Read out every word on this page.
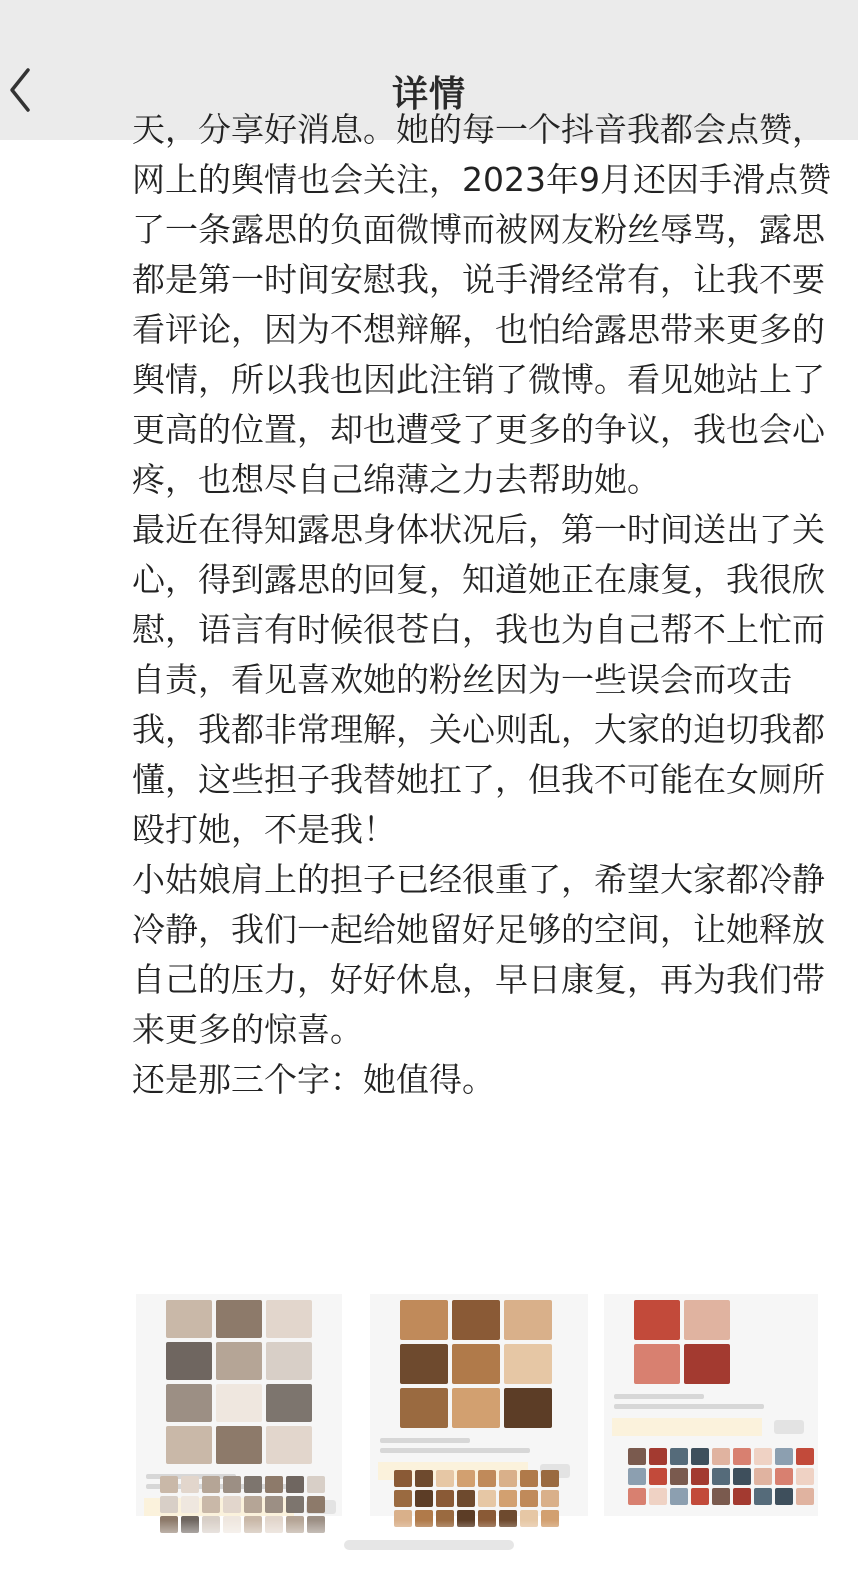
详情

天，分享好消息。她的每一个抖音我都会点赞，网上的舆情也会关注，2023年9月还因手滑点赞了一条露思的负面微博而被网友粉丝辱骂，露思都是第一时间安慰我，说手滑经常有，让我不要看评论，因为不想辩解，也怕给露思带来更多的舆情，所以我也因此注销了微博。看见她站上了更高的位置，却也遭受了更多的争议，我也会心疼，也想尽自己绵薄之力去帮助她。

最近在得知露思身体状况后，第一时间送出了关心，得到露思的回复，知道她正在康复，我很欣慰，语言有时候很苍白，我也为自己帮不上忙而自责，看见喜欢她的粉丝因为一些误会而攻击我，我都非常理解，关心则乱，大家的迫切我都懂，这些担子我替她扛了，但我不可能在女厕所殴打她，不是我！

小姑娘肩上的担子已经很重了，希望大家都冷静冷静，我们一起给她留好足够的空间，让她释放自己的压力，好好休息，早日康复，再为我们带来更多的惊喜。

还是那三个字：她值得。
